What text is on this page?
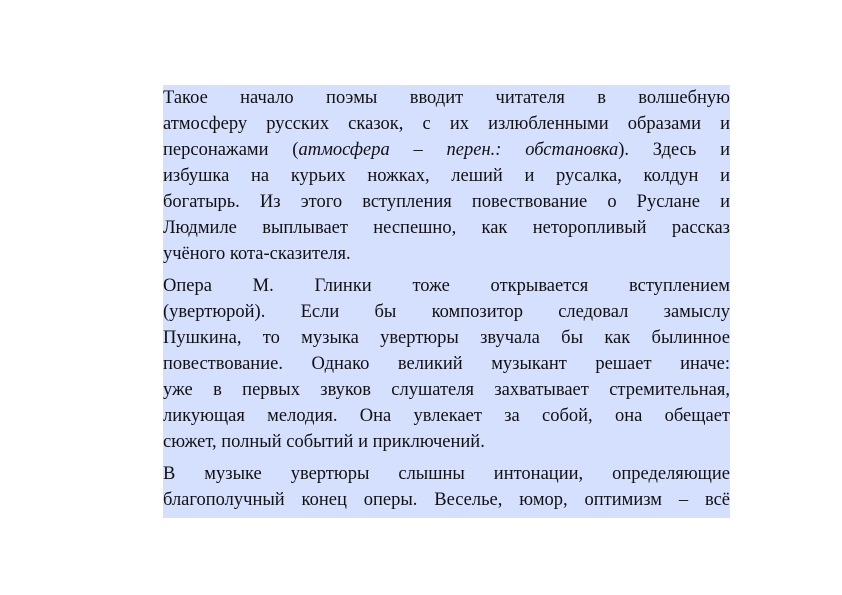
Такое начало поэмы вводит читателя в волшебную
атмосферу русских сказок, с их излюбленными образами и
персонажами (атмосфера – перен.: обстановка). Здесь и
избушка на курьих ножках, леший и русалка, колдун и
богатырь. Из этого вступления повествование о Руслане и
Людмиле выплывает неспешно, как неторопливый рассказ
учёного кота-сказителя.
Опера М. Глинки тоже открывается вступлением
(увертюрой). Если бы композитор следовал замыслу
Пушкина, то музыка увертюры звучала бы как былинное
повествование. Однако великий музыкант решает иначе:
уже в первых звуков слушателя захватывает стремительная,
ликующая мелодия. Она увлекает за собой, она обещает
сюжет, полный событий и приключений.
В музыке увертюры слышны интонации, определяющие
благополучный конец оперы. Веселье, юмор, оптимизм – всё
